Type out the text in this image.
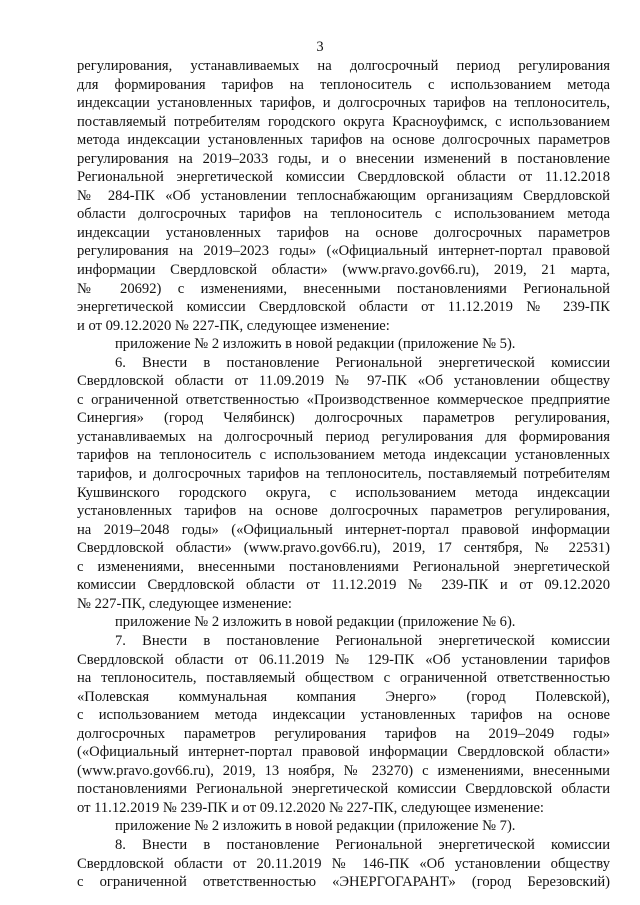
3
регулирования, устанавливаемых на долгосрочный период регулирования
для формирования тарифов на теплоноситель с использованием метода
индексации установленных тарифов, и долгосрочных тарифов на теплоноситель,
поставляемый потребителям городского округа Красноуфимск, с использованием
метода индексации установленных тарифов на основе долгосрочных параметров
регулирования на 2019–2033 годы, и о внесении изменений в постановление
Региональной энергетической комиссии Свердловской области от 11.12.2018
№ 284-ПК «Об установлении теплоснабжающим организациям Свердловской
области долгосрочных тарифов на теплоноситель с использованием метода
индексации установленных тарифов на основе долгосрочных параметров
регулирования на 2019–2023 годы» («Официальный интернет-портал правовой
информации Свердловской области» (www.pravo.gov66.ru), 2019, 21 марта,
№ 20692) с изменениями, внесенными постановлениями Региональной
энергетической комиссии Свердловской области от 11.12.2019 № 239-ПК
и от 09.12.2020 № 227-ПК, следующее изменение:
приложение № 2 изложить в новой редакции (приложение № 5).
6. Внести в постановление Региональной энергетической комиссии
Свердловской области от 11.09.2019 № 97-ПК «Об установлении обществу
с ограниченной ответственностью «Производственное коммерческое предприятие
Синергия» (город Челябинск) долгосрочных параметров регулирования,
устанавливаемых на долгосрочный период регулирования для формирования
тарифов на теплоноситель с использованием метода индексации установленных
тарифов, и долгосрочных тарифов на теплоноситель, поставляемый потребителям
Кушвинского городского округа, с использованием метода индексации
установленных тарифов на основе долгосрочных параметров регулирования,
на 2019–2048 годы» («Официальный интернет-портал правовой информации
Свердловской области» (www.pravo.gov66.ru), 2019, 17 сентября, № 22531)
с изменениями, внесенными постановлениями Региональной энергетической
комиссии Свердловской области от 11.12.2019 № 239-ПК и от 09.12.2020
№ 227-ПК, следующее изменение:
приложение № 2 изложить в новой редакции (приложение № 6).
7. Внести в постановление Региональной энергетической комиссии
Свердловской области от 06.11.2019 № 129-ПК «Об установлении тарифов
на теплоноситель, поставляемый обществом с ограниченной ответственностью
«Полевская коммунальная компания Энерго» (город Полевской),
с использованием метода индексации установленных тарифов на основе
долгосрочных параметров регулирования тарифов на 2019–2049 годы»
(«Официальный интернет-портал правовой информации Свердловской области»
(www.pravo.gov66.ru), 2019, 13 ноября, № 23270) с изменениями, внесенными
постановлениями Региональной энергетической комиссии Свердловской области
от 11.12.2019 № 239-ПК и от 09.12.2020 № 227-ПК, следующее изменение:
приложение № 2 изложить в новой редакции (приложение № 7).
8. Внести в постановление Региональной энергетической комиссии
Свердловской области от 20.11.2019 № 146-ПК «Об установлении обществу
с ограниченной ответственностью «ЭНЕРГОГАРАНТ» (город Березовский)
